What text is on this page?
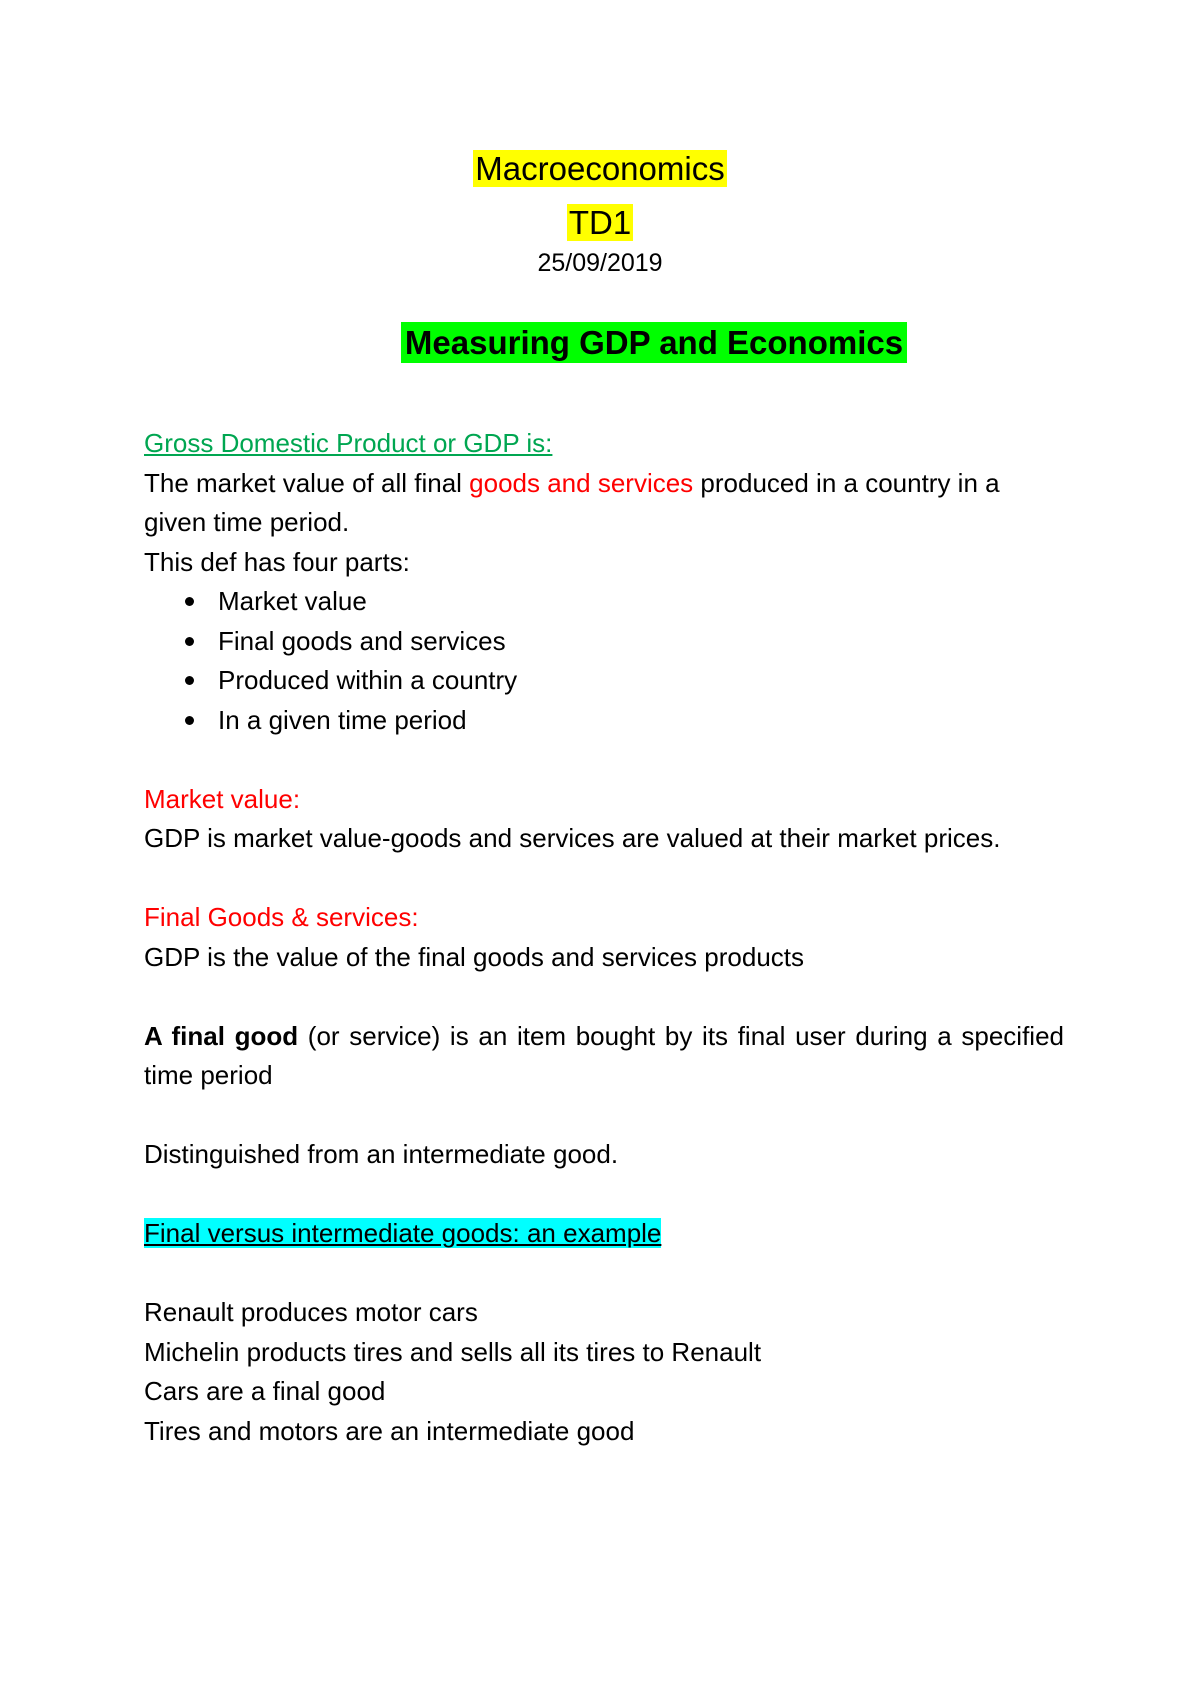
Macroeconomics
TD1
25/09/2019
Measuring GDP and Economics

Gross Domestic Product or GDP is:

The market value of all final goods and services produced in a country in a given time period.

This def has four parts:

Market value
Final goods and services
Produced within a country
In a given time period

Market value:

GDP is market value-goods and services are valued at their market prices.

Final Goods & services:

GDP is the value of the final goods and services products

A final good (or service) is an item bought by its final user during a specified time period

Distinguished from an intermediate good.

Final versus intermediate goods: an example

Renault produces motor cars

Michelin products tires and sells all its tires to Renault

Cars are a final good

Tires and motors are an intermediate good
